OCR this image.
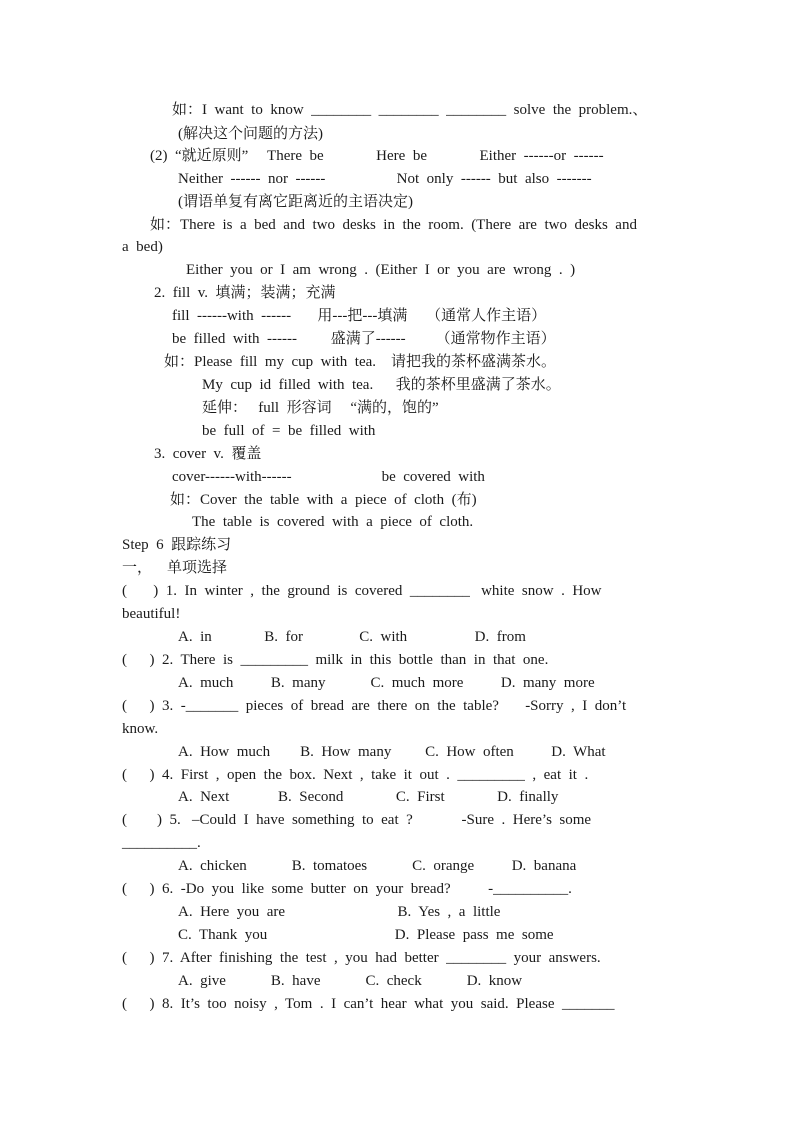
如：I  want  to  know  ________  ________  ________  solve  the  problem.、
(解决这个问题的方法)
(2)  “就近原则”     There  be              Here  be              Either  ------or  ------
Neither  ------  nor  ------                   Not  only  ------  but  also  -------
(谓语单复有离它距离近的主语决定)
如：There  is  a  bed  and  two  desks  in  the  room.  (There  are  two  desks  and
a  bed)
Either  you  or  I  am  wrong  .  (Either  I  or  you  are  wrong  .  )
2.  fill  v.  填满；装满；充满
fill  ------with  ------       用---把---填满     （通常人作主语）
be  filled  with  ------         盛满了------        （通常物作主语）
如：Please  fill  my  cup  with  tea.    请把我的茶杯盛满茶水。
My  cup  id  filled  with  tea.      我的茶杯里盛满了茶水。
延伸：   full  形容词     “满的，饱的”
be  full  of  =  be  filled  with
3.  cover  v.  覆盖
cover------with------                        be  covered  with
如：Cover  the  table  with  a  piece  of  cloth  (布)
The  table  is  covered  with  a  piece  of  cloth.
Step  6  跟踪练习
一，    单项选择
(       )  1.  In  winter  ,  the  ground  is  covered  ________   white  snow  .  How
beautiful!
A.  in              B.  for               C.  with                  D.  from
(      )  2.  There  is  _________  milk  in  this  bottle  than  in  that  one.
A.  much          B.  many            C.  much  more          D.  many  more
(      )  3.  -_______  pieces  of  bread  are  there  on  the  table?       -Sorry  ,  I  don’t
know.
A.  How  much        B.  How  many         C.  How  often          D.  What
(      )  4.  First  ,  open  the  box.  Next  ,  take  it  out  .  _________  ,  eat  it  .
A.  Next             B.  Second              C.  First              D.  finally
(        )  5.   –Could  I  have  something  to  eat  ?             -Sure  .  Here’s  some
__________.
A.  chicken            B.  tomatoes            C.  orange          D.  banana
(      )  6.  -Do  you  like  some  butter  on  your  bread?          -__________.
A.  Here  you  are                              B.  Yes  ,  a  little
C.  Thank  you                                  D.  Please  pass  me  some
(      )  7.  After  finishing  the  test  ,  you  had  better  ________  your  answers.
A.  give            B.  have            C.  check            D.  know
(      )  8.  It’s  too  noisy  ,  Tom  .  I  can’t  hear  what  you  said.  Please  _______
